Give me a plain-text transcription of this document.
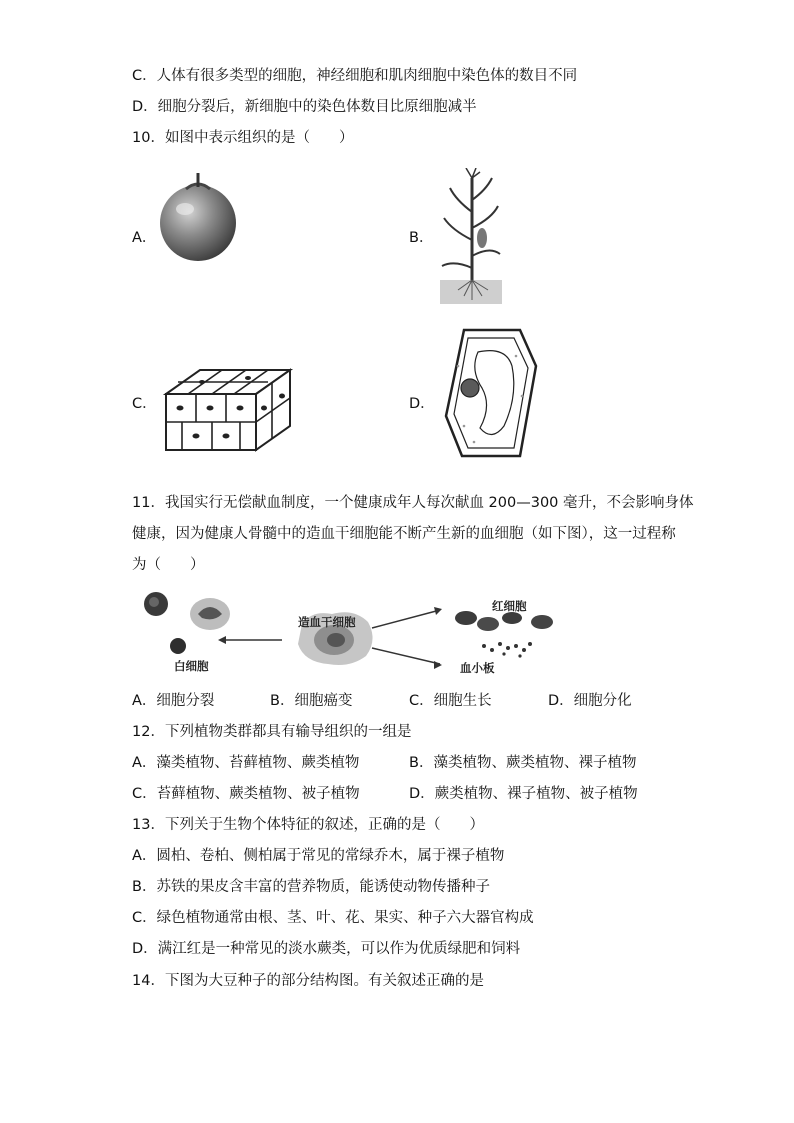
C．人体有很多类型的细胞，神经细胞和肌肉细胞中染色体的数目不同
D．细胞分裂后，新细胞中的染色体数目比原细胞减半
10．如图中表示组织的是（　　）
A．	B．
C．	D．
11．我国实行无偿献血制度，一个健康成年人每次献血 200—300 毫升，不会影响身体
健康，因为健康人骨髓中的造血干细胞能不断产生新的血细胞（如下图），这一过程称
为（　　）
造血干细胞
红细胞
血小板
白细胞
A．细胞分裂	B．细胞癌变	C．细胞生长	D．细胞分化
12．下列植物类群都具有输导组织的一组是
A．藻类植物、苔藓植物、蕨类植物	B．藻类植物、蕨类植物、裸子植物
C．苔藓植物、蕨类植物、被子植物	D．蕨类植物、裸子植物、被子植物
13．下列关于生物个体特征的叙述，正确的是（　　）
A．圆柏、卷柏、侧柏属于常见的常绿乔木，属于裸子植物
B．苏铁的果皮含丰富的营养物质，能诱使动物传播种子
C．绿色植物通常由根、茎、叶、花、果实、种子六大器官构成
D．满江红是一种常见的淡水蕨类，可以作为优质绿肥和饲料
14．下图为大豆种子的部分结构图。有关叙述正确的是
